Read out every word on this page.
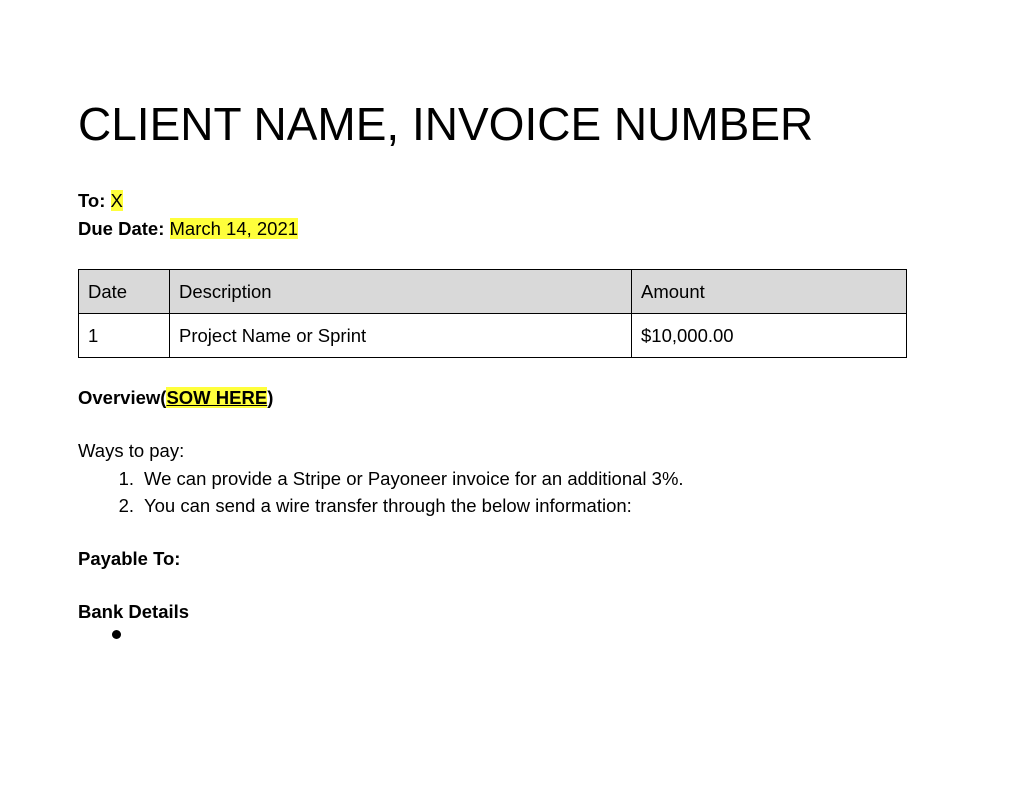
CLIENT NAME, INVOICE NUMBER
To: X
Due Date: March 14, 2021
Date	Description	Amount
1	Project Name or Sprint	$10,000.00
Overview(SOW HERE)
Ways to pay:
1. We can provide a Stripe or Payoneer invoice for an additional 3%.
2. You can send a wire transfer through the below information:
Payable To:
Bank Details
